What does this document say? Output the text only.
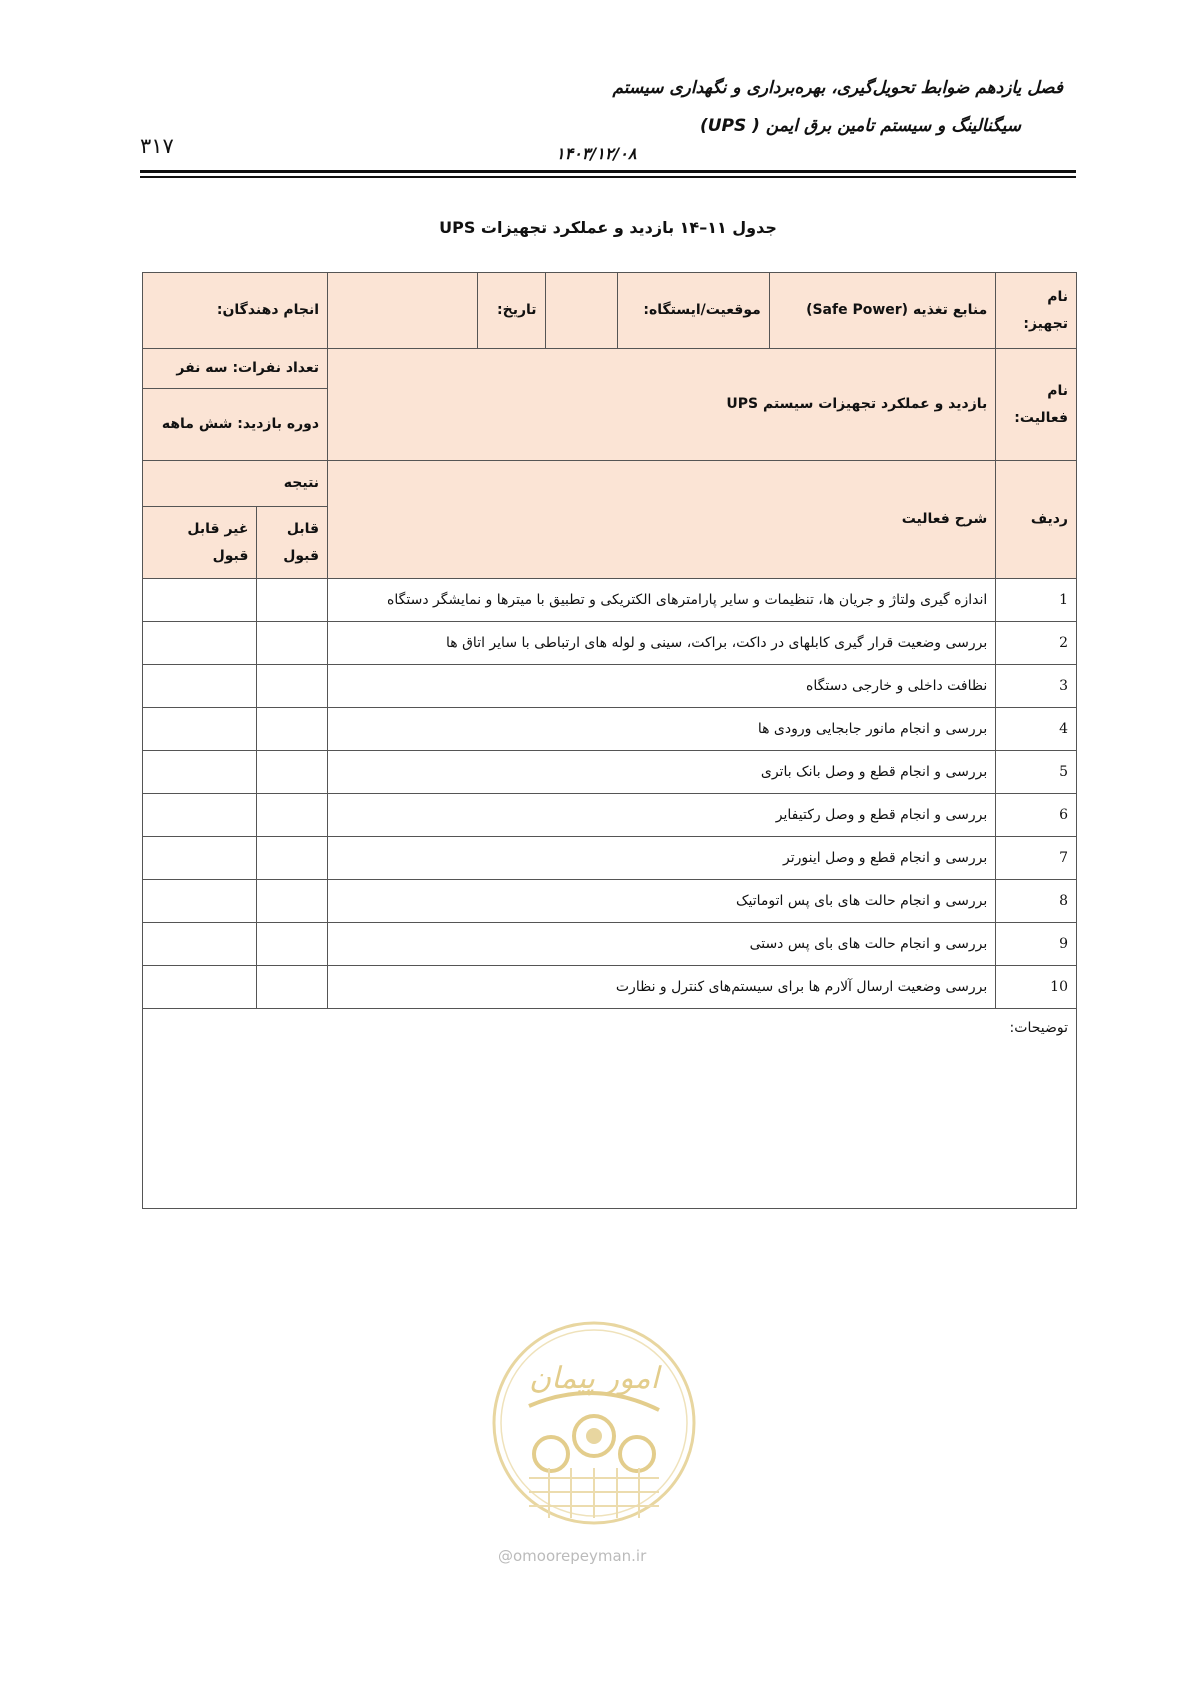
فصل یازدهم ضوابط تحویل‌گیری، بهره‌برداری و نگهداری سیستم
سیگنالینگ و سیستم تامین برق ایمن ( UPS)
۳۱۷	۱۴۰۳/۱۲/۰۸
جدول ۱۱–۱۴ بازدید و عملکرد تجهیزات UPS
نام تجهیز:	منابع تغذیه (Safe Power)	موقعیت/ایستگاه:		تاریخ:		انجام دهندگان:	
نام فعالیت:	بازدید و عملکرد تجهیزات سیستم UPS					تعداد نفرات: سه نفر	
						دوره بازدید: شش ماهه	
ردیف	شرح فعالیت					نتیجه	
						قابل قبول	غیر قابل قبول
1	اندازه گیری ولتاژ و جریان ها، تنظیمات و سایر پارامترهای الکتریکی و تطبیق با میترها و نمایشگر دستگاه						
2	بررسی وضعیت قرار گیری کابلهای در داکت، براکت، سینی و لوله های ارتباطی با سایر اتاق ها						
3	نظافت داخلی و خارجی دستگاه						
4	بررسی و انجام مانور جابجایی ورودی ها						
5	بررسی و انجام قطع و وصل بانک باتری						
6	بررسی و انجام قطع و وصل رکتیفایر						
7	بررسی و انجام قطع و وصل اینورتر						
8	بررسی و انجام حالت های بای پس اتوماتیک						
9	بررسی و انجام حالت های بای پس دستی						
10	بررسی وضعیت ارسال آلارم ها برای سیستم‌های کنترل و نظارت						
توضیحات:							
امور پیمان
@omoorepeyman.ir
